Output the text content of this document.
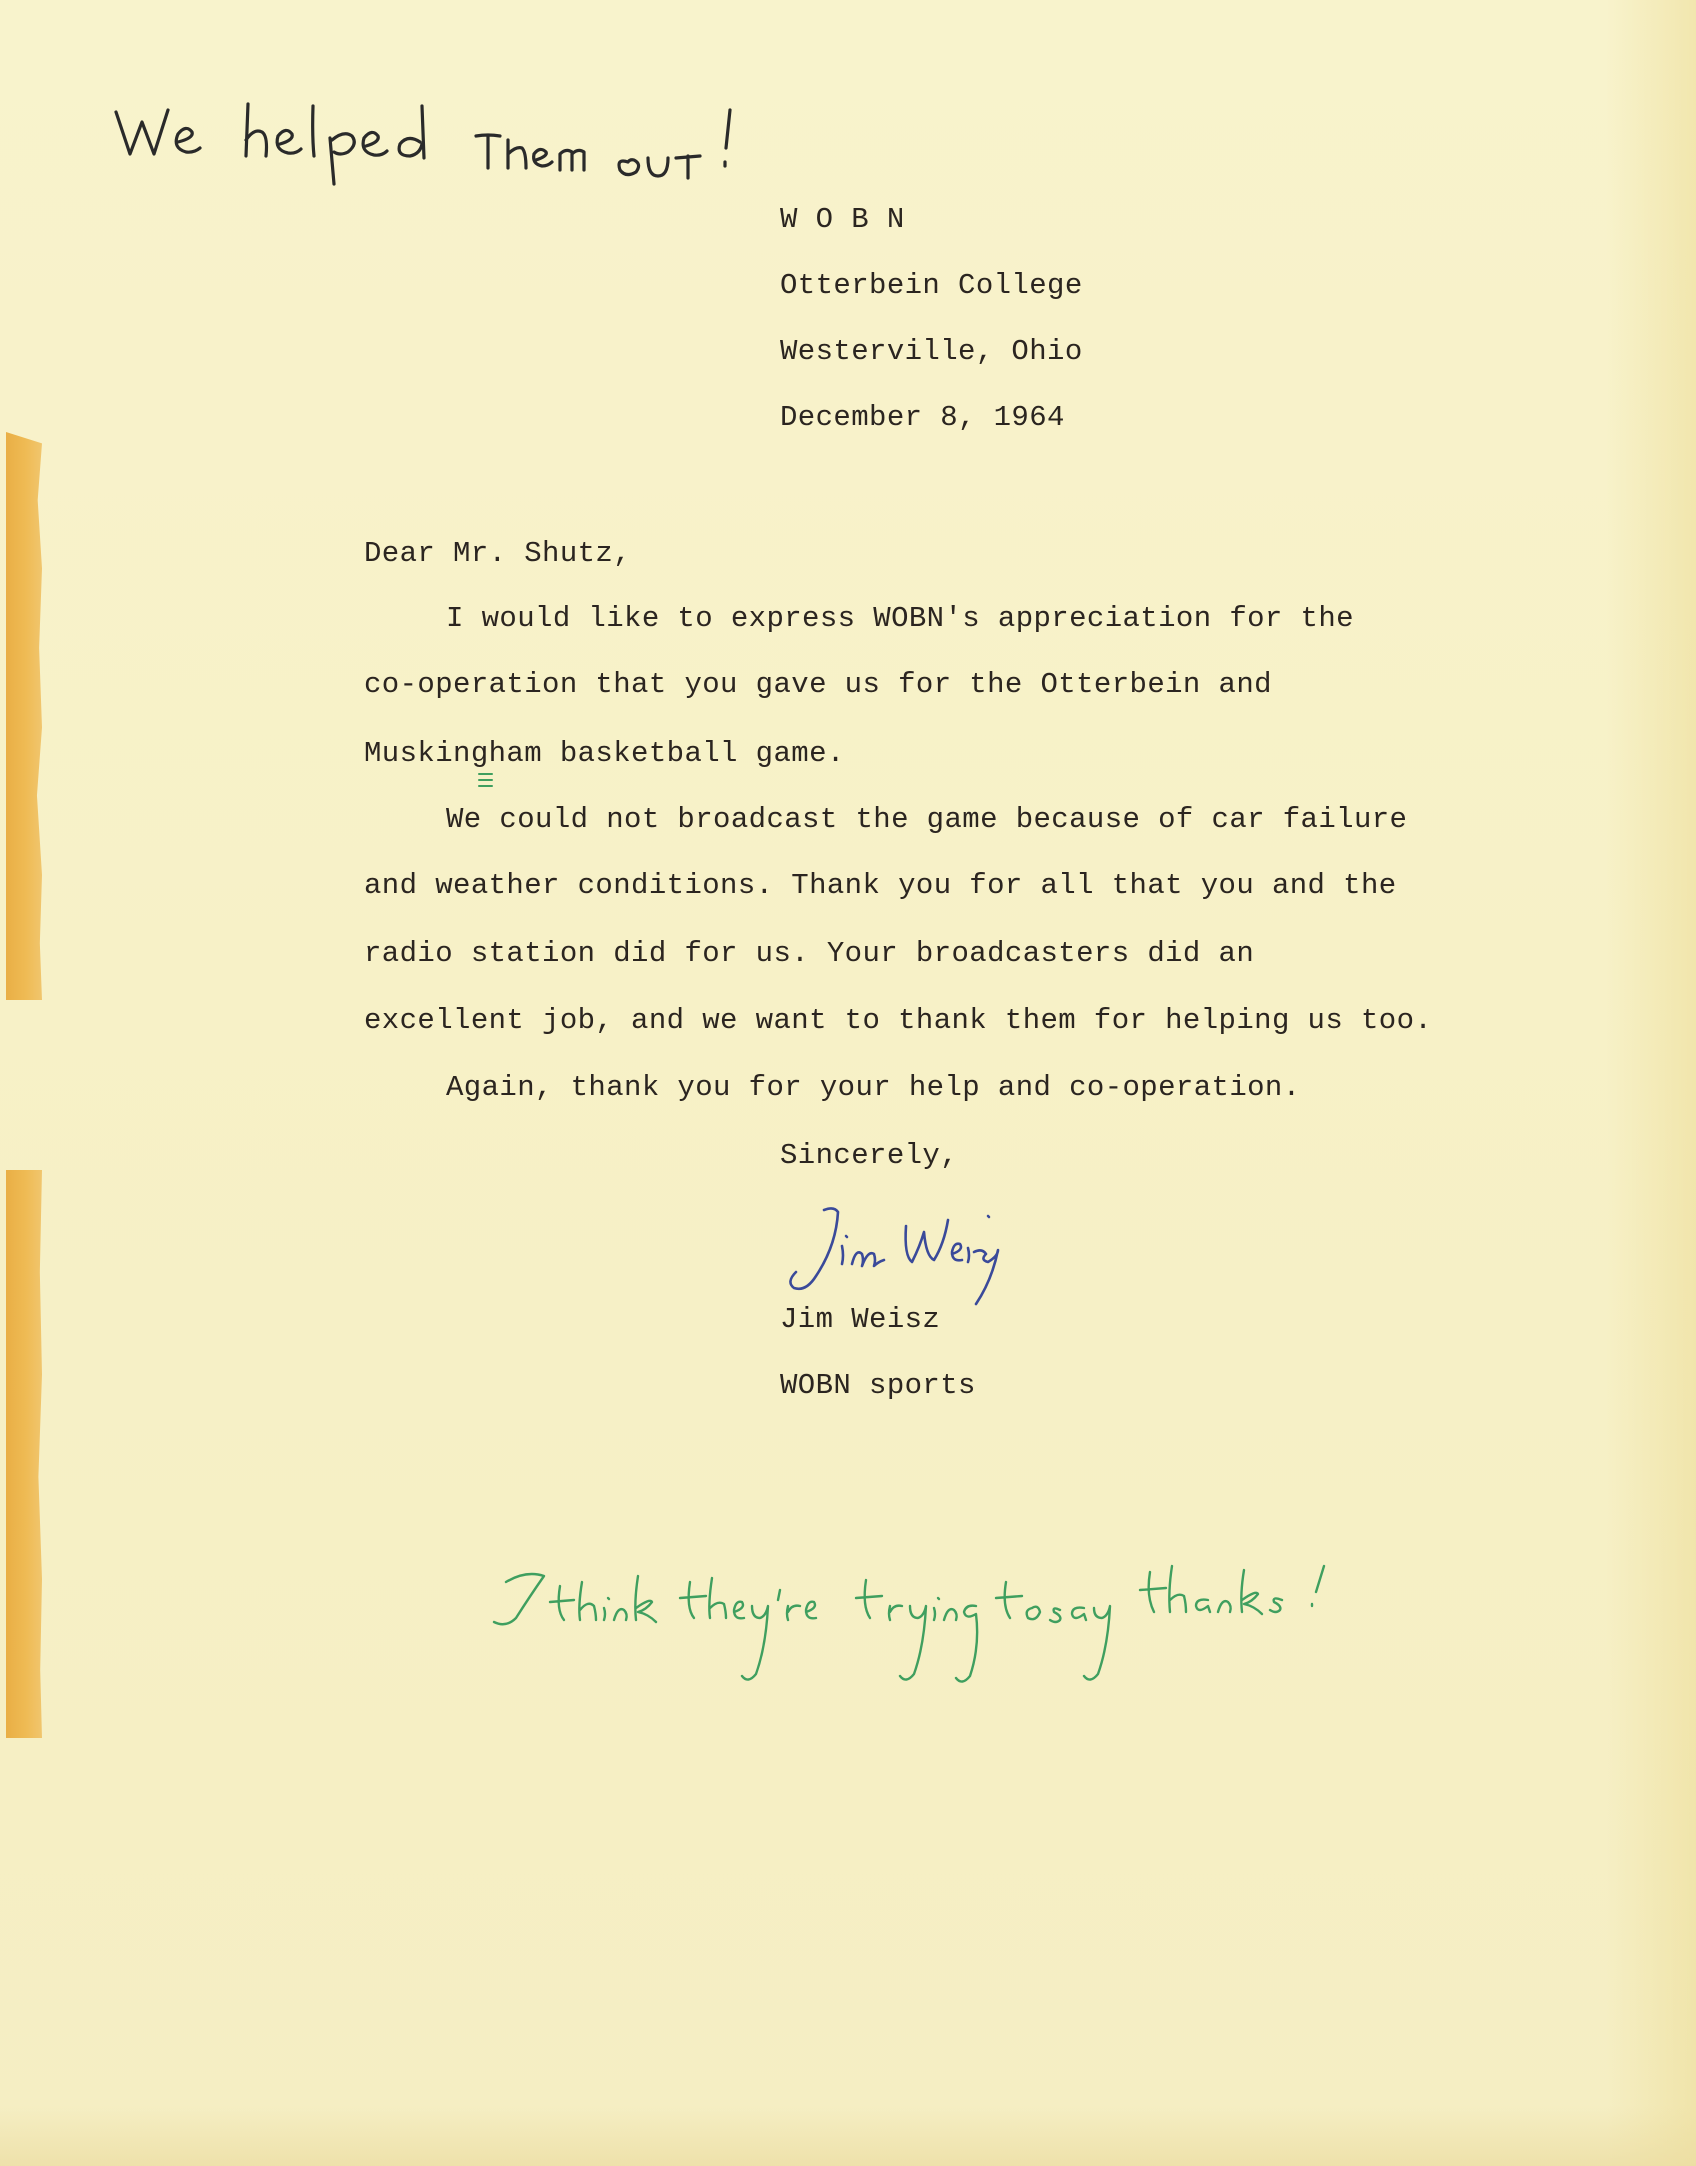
W O B N
Otterbein College
Westerville, Ohio
December 8, 1964
Dear Mr. Shutz,
I would like to express WOBN's appreciation for the
co-operation that you gave us for the Otterbein and
Muskingham basketball game.
We could not broadcast the game because of car failure
and weather conditions. Thank you for all that you and the
radio station did for us. Your broadcasters did an
excellent job, and we want to thank them for helping us too.
Again, thank you for your help and co-operation.
Sincerely,
Jim Weisz
WOBN sports
